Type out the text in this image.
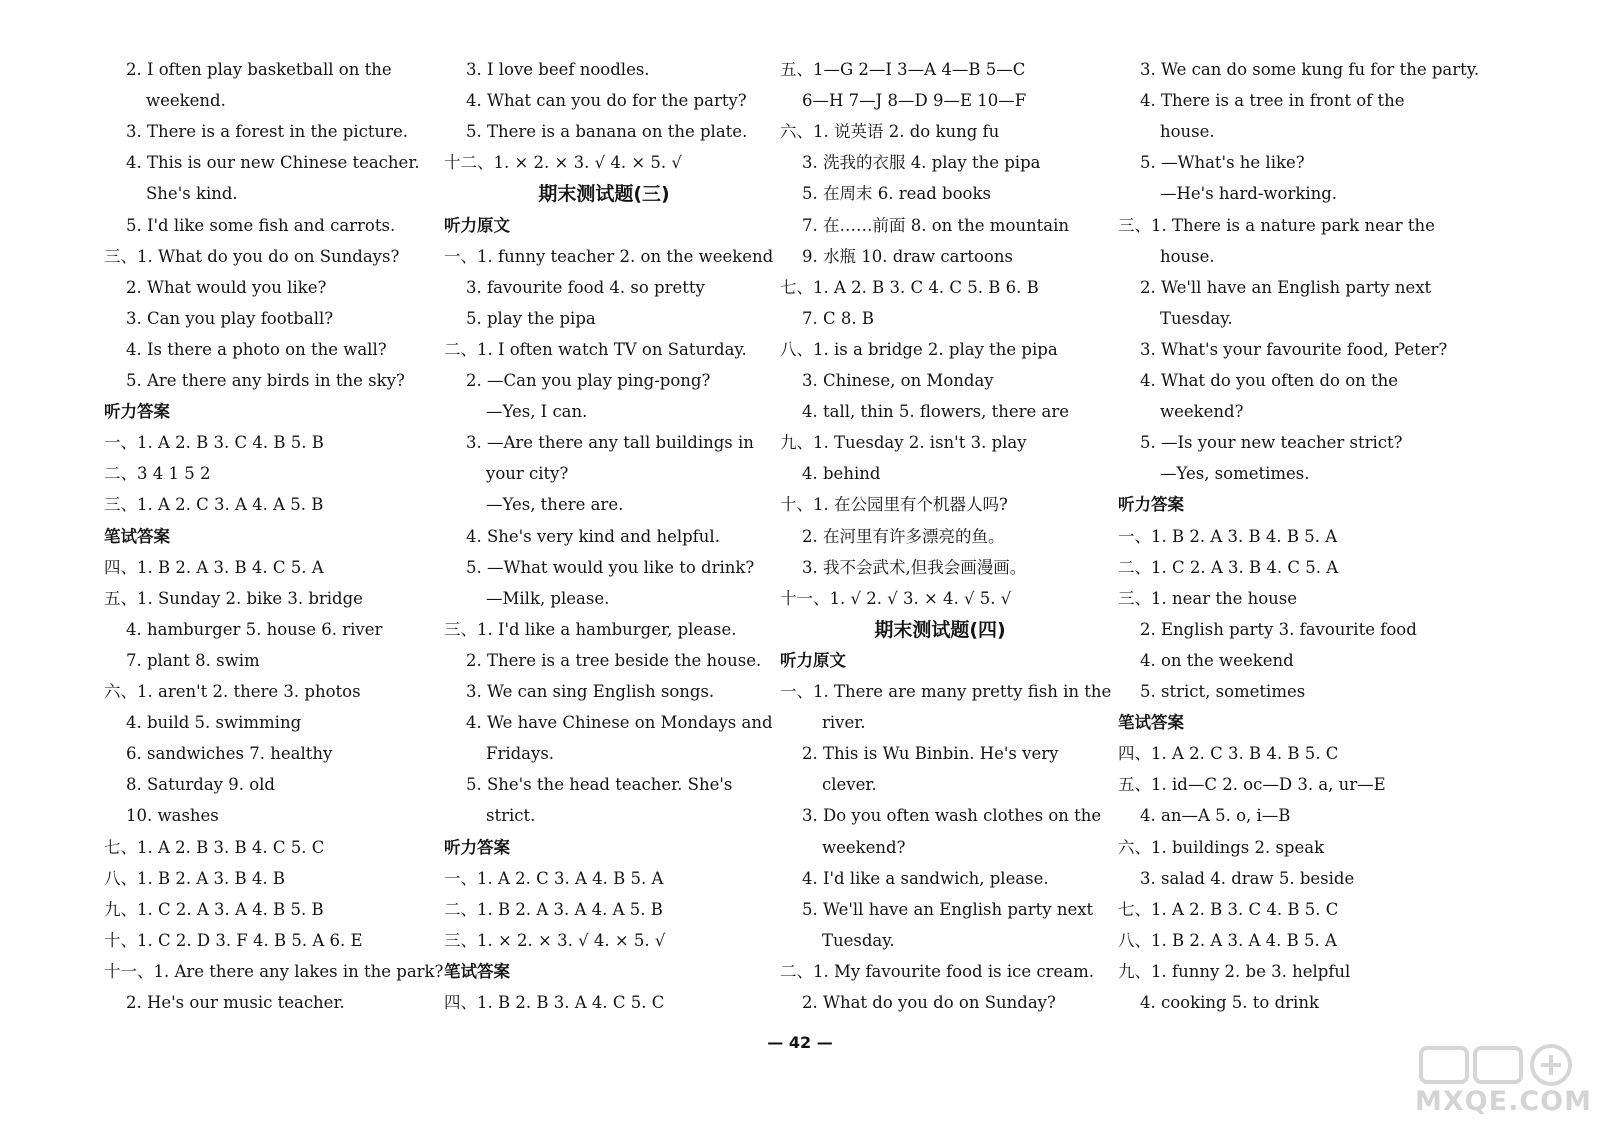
2. I often play basketball on the
weekend.
3. There is a forest in the picture.
4. This is our new Chinese teacher.
She's kind.
5. I'd like some fish and carrots.
三、1. What do you do on Sundays?
2. What would you like?
3. Can you play football?
4. Is there a photo on the wall?
5. Are there any birds in the sky?
听力答案
一、1. A 2. B 3. C 4. B 5. B
二、3 4 1 5 2
三、1. A 2. C 3. A 4. A 5. B
笔试答案
四、1. B 2. A 3. B 4. C 5. A
五、1. Sunday 2. bike 3. bridge
4. hamburger 5. house 6. river
7. plant 8. swim
六、1. aren't 2. there 3. photos
4. build 5. swimming
6. sandwiches 7. healthy
8. Saturday 9. old
10. washes
七、1. A 2. B 3. B 4. C 5. C
八、1. B 2. A 3. B 4. B
九、1. C 2. A 3. A 4. B 5. B
十、1. C 2. D 3. F 4. B 5. A 6. E
十一、1. Are there any lakes in the park?
2. He's our music teacher.
3. I love beef noodles.
4. What can you do for the party?
5. There is a banana on the plate.
十二、1. × 2. × 3. √ 4. × 5. √
期末测试题(三)
听力原文
一、1. funny teacher 2. on the weekend
3. favourite food 4. so pretty
5. play the pipa
二、1. I often watch TV on Saturday.
2. —Can you play ping-pong?
—Yes, I can.
3. —Are there any tall buildings in
your city?
—Yes, there are.
4. She's very kind and helpful.
5. —What would you like to drink?
—Milk, please.
三、1. I'd like a hamburger, please.
2. There is a tree beside the house.
3. We can sing English songs.
4. We have Chinese on Mondays and
Fridays.
5. She's the head teacher. She's
strict.
听力答案
一、1. A 2. C 3. A 4. B 5. A
二、1. B 2. A 3. A 4. A 5. B
三、1. × 2. × 3. √ 4. × 5. √
笔试答案
四、1. B 2. B 3. A 4. C 5. C
五、1—G 2—I 3—A 4—B 5—C
6—H 7—J 8—D 9—E 10—F
六、1. 说英语 2. do kung fu
3. 洗我的衣服 4. play the pipa
5. 在周末 6. read books
7. 在……前面 8. on the mountain
9. 水瓶 10. draw cartoons
七、1. A 2. B 3. C 4. C 5. B 6. B
7. C 8. B
八、1. is a bridge 2. play the pipa
3. Chinese, on Monday
4. tall, thin 5. flowers, there are
九、1. Tuesday 2. isn't 3. play
4. behind
十、1. 在公园里有个机器人吗?
2. 在河里有许多漂亮的鱼。
3. 我不会武术,但我会画漫画。
十一、1. √ 2. √ 3. × 4. √ 5. √
期末测试题(四)
听力原文
一、1. There are many pretty fish in the
river.
2. This is Wu Binbin. He's very
clever.
3. Do you often wash clothes on the
weekend?
4. I'd like a sandwich, please.
5. We'll have an English party next
Tuesday.
二、1. My favourite food is ice cream.
2. What do you do on Sunday?
3. We can do some kung fu for the party.
4. There is a tree in front of the
house.
5. —What's he like?
—He's hard-working.
三、1. There is a nature park near the
house.
2. We'll have an English party next
Tuesday.
3. What's your favourite food, Peter?
4. What do you often do on the
weekend?
5. —Is your new teacher strict?
—Yes, sometimes.
听力答案
一、1. B 2. A 3. B 4. B 5. A
二、1. C 2. A 3. B 4. C 5. A
三、1. near the house
2. English party 3. favourite food
4. on the weekend
5. strict, sometimes
笔试答案
四、1. A 2. C 3. B 4. B 5. C
五、1. id—C 2. oc—D 3. a, ur—E
4. an—A 5. o, i—B
六、1. buildings 2. speak
3. salad 4. draw 5. beside
七、1. A 2. B 3. C 4. B 5. C
八、1. B 2. A 3. A 4. B 5. A
九、1. funny 2. be 3. helpful
4. cooking 5. to drink
— 42 —
MXQE.COM
